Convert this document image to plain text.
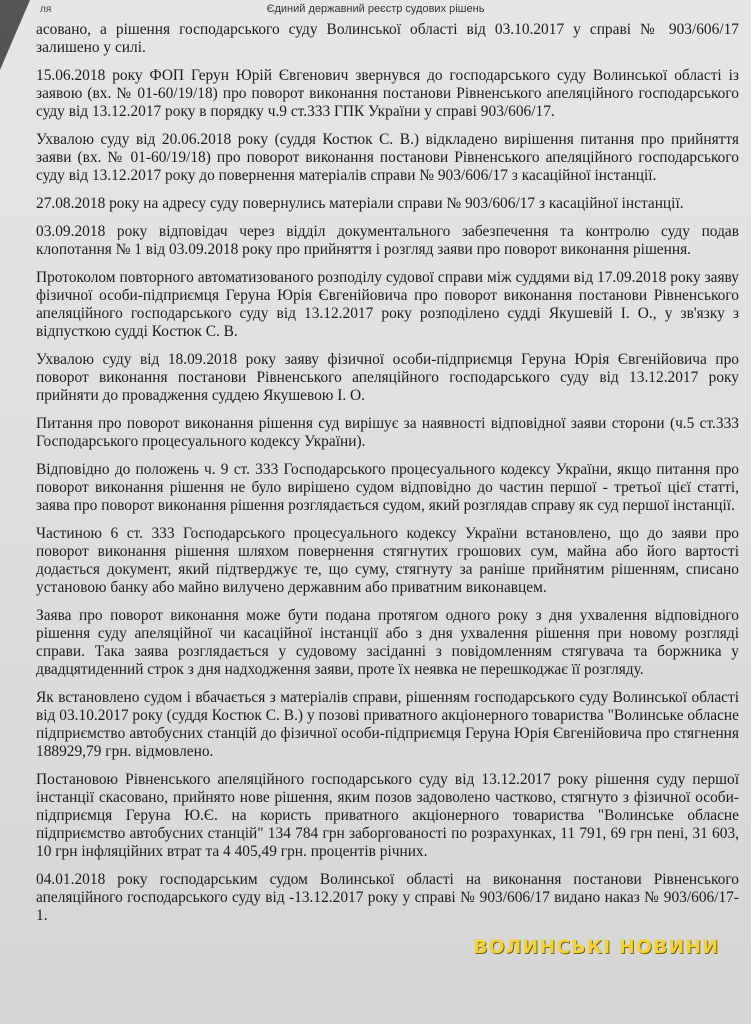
Єдиний державний реєстр судових рішень
ля

асовано, а рішення господарського суду Волинської області від 03.10.2017 у справі № 903/606/17 залишено у силі.

15.06.2018 року ФОП Герун Юрій Євгенович звернувся до господарського суду Волинської області із заявою (вх. № 01-60/19/18) про поворот виконання постанови Рівненського апеляційного господарського суду від 13.12.2017 року в порядку ч.9 ст.333 ГПК України у справі 903/606/17.

Ухвалою суду від 20.06.2018 року (суддя Костюк С. В.) відкладено вирішення питання про прийняття заяви (вх. № 01-60/19/18) про поворот виконання постанови Рівненського апеляційного господарського суду від 13.12.2017 року до повернення матеріалів справи № 903/606/17 з касаційної інстанції.

27.08.2018 року на адресу суду повернулись матеріали справи № 903/606/17 з касаційної інстанції.

03.09.2018 року відповідач через відділ документального забезпечення та контролю суду подав клопотання № 1 від 03.09.2018 року про прийняття і розгляд заяви про поворот виконання рішення.

Протоколом повторного автоматизованого розподілу судової справи між суддями від 17.09.2018 року заяву фізичної особи-підприємця Геруна Юрія Євгенійовича про поворот виконання постанови Рівненського апеляційного господарського суду від 13.12.2017 року розподілено судді Якушевій І. О., у зв'язку з відпусткою судді Костюк С. В.

Ухвалою суду від 18.09.2018 року заяву фізичної особи-підприємця Геруна Юрія Євгенійовича про поворот виконання постанови Рівненського апеляційного господарського суду від 13.12.2017 року прийняти до провадження суддею Якушевою І. О.

Питання про поворот виконання рішення суд вирішує за наявності відповідної заяви сторони (ч.5 ст.333 Господарського процесуального кодексу України).

Відповідно до положень ч. 9 ст. 333 Господарського процесуального кодексу України, якщо питання про поворот виконання рішення не було вирішено судом відповідно до частин першої - третьої цієї статті, заява про поворот виконання рішення розглядається судом, який розглядав справу як суд першої інстанції.

Частиною 6 ст. 333 Господарського процесуального кодексу України встановлено, що до заяви про поворот виконання рішення шляхом повернення стягнутих грошових сум, майна або його вартості додається документ, який підтверджує те, що суму, стягнуту за раніше прийнятим рішенням, списано установою банку або майно вилучено державним або приватним виконавцем.

Заява про поворот виконання може бути подана протягом одного року з дня ухвалення відповідного рішення суду апеляційної чи касаційної інстанції або з дня ухвалення рішення при новому розгляді справи. Така заява розглядається у судовому засіданні з повідомленням стягувача та боржника у двадцятиденний строк з дня надходження заяви, проте їх неявка не перешкоджає її розгляду.

Як встановлено судом і вбачається з матеріалів справи, рішенням господарського суду Волинської області від 03.10.2017 року (суддя Костюк С. В.) у позові приватного акціонерного товариства "Волинське обласне підприємство автобусних станцій до фізичної особи-підприємця Геруна Юрія Євгенійовича про стягнення 188929,79 грн. відмовлено.

Постановою Рівненського апеляційного господарського суду від 13.12.2017 року рішення суду першої інстанції скасовано, прийнято нове рішення, яким позов задоволено частково, стягнуто з фізичної особи-підприємця Геруна Ю.Є. на користь приватного акціонерного товариства "Волинське обласне підприємство автобусних станцій" 134 784 грн заборгованості по розрахунках, 11 791, 69 грн пені, 31 603, 10 грн інфляційних втрат та 4 405,49 грн. процентів річних.

04.01.2018 року господарським судом Волинської області на виконання постанови Рівненського апеляційного господарського суду від -13.12.2017 року у справі № 903/606/17 видано наказ № 903/606/17-1.

ВОЛИНСЬКІ НОВИНИ
